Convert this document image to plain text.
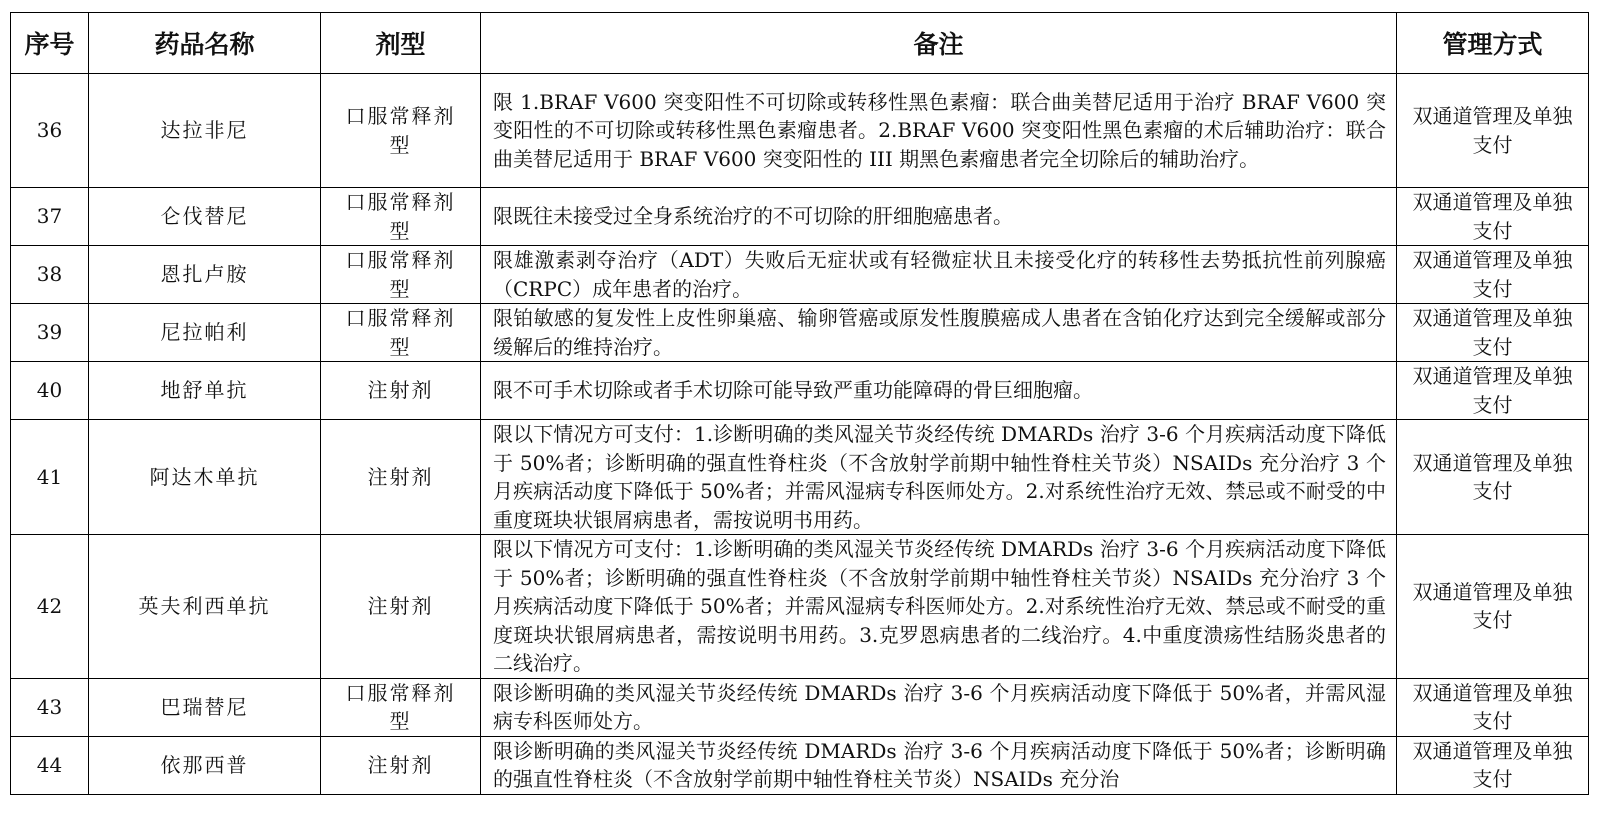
序号	药品名称	剂型	备注	管理方式
36	达拉非尼	口服常释剂型	限 1.BRAF V600 突变阳性不可切除或转移性黑色素瘤：联合曲美替尼适用于治疗 BRAF V600 突变阳性的不可切除或转移性黑色素瘤患者。2.BRAF V600 突变阳性黑色素瘤的术后辅助治疗：联合曲美替尼适用于 BRAF V600 突变阳性的 III 期黑色素瘤患者完全切除后的辅助治疗。	双通道管理及单独支付
37	仑伐替尼	口服常释剂型	限既往未接受过全身系统治疗的不可切除的肝细胞癌患者。	双通道管理及单独支付
38	恩扎卢胺	口服常释剂型	限雄激素剥夺治疗（ADT）失败后无症状或有轻微症状且未接受化疗的转移性去势抵抗性前列腺癌（CRPC）成年患者的治疗。	双通道管理及单独支付
39	尼拉帕利	口服常释剂型	限铂敏感的复发性上皮性卵巢癌、输卵管癌或原发性腹膜癌成人患者在含铂化疗达到完全缓解或部分缓解后的维持治疗。	双通道管理及单独支付
40	地舒单抗	注射剂	限不可手术切除或者手术切除可能导致严重功能障碍的骨巨细胞瘤。	双通道管理及单独支付
41	阿达木单抗	注射剂	限以下情况方可支付：1.诊断明确的类风湿关节炎经传统 DMARDs 治疗 3-6 个月疾病活动度下降低于 50%者；诊断明确的强直性脊柱炎（不含放射学前期中轴性脊柱关节炎）NSAIDs 充分治疗 3 个月疾病活动度下降低于 50%者；并需风湿病专科医师处方。2.对系统性治疗无效、禁忌或不耐受的中重度斑块状银屑病患者，需按说明书用药。	双通道管理及单独支付
42	英夫利西单抗	注射剂	限以下情况方可支付：1.诊断明确的类风湿关节炎经传统 DMARDs 治疗 3-6 个月疾病活动度下降低于 50%者；诊断明确的强直性脊柱炎（不含放射学前期中轴性脊柱关节炎）NSAIDs 充分治疗 3 个月疾病活动度下降低于 50%者；并需风湿病专科医师处方。2.对系统性治疗无效、禁忌或不耐受的重度斑块状银屑病患者，需按说明书用药。3.克罗恩病患者的二线治疗。4.中重度溃疡性结肠炎患者的二线治疗。	双通道管理及单独支付
43	巴瑞替尼	口服常释剂型	限诊断明确的类风湿关节炎经传统 DMARDs 治疗 3-6 个月疾病活动度下降低于 50%者，并需风湿病专科医师处方。	双通道管理及单独支付
44	依那西普	注射剂	限诊断明确的类风湿关节炎经传统 DMARDs 治疗 3-6 个月疾病活动度下降低于 50%者；诊断明确的强直性脊柱炎（不含放射学前期中轴性脊柱关节炎）NSAIDs 充分治	双通道管理及单独支付
